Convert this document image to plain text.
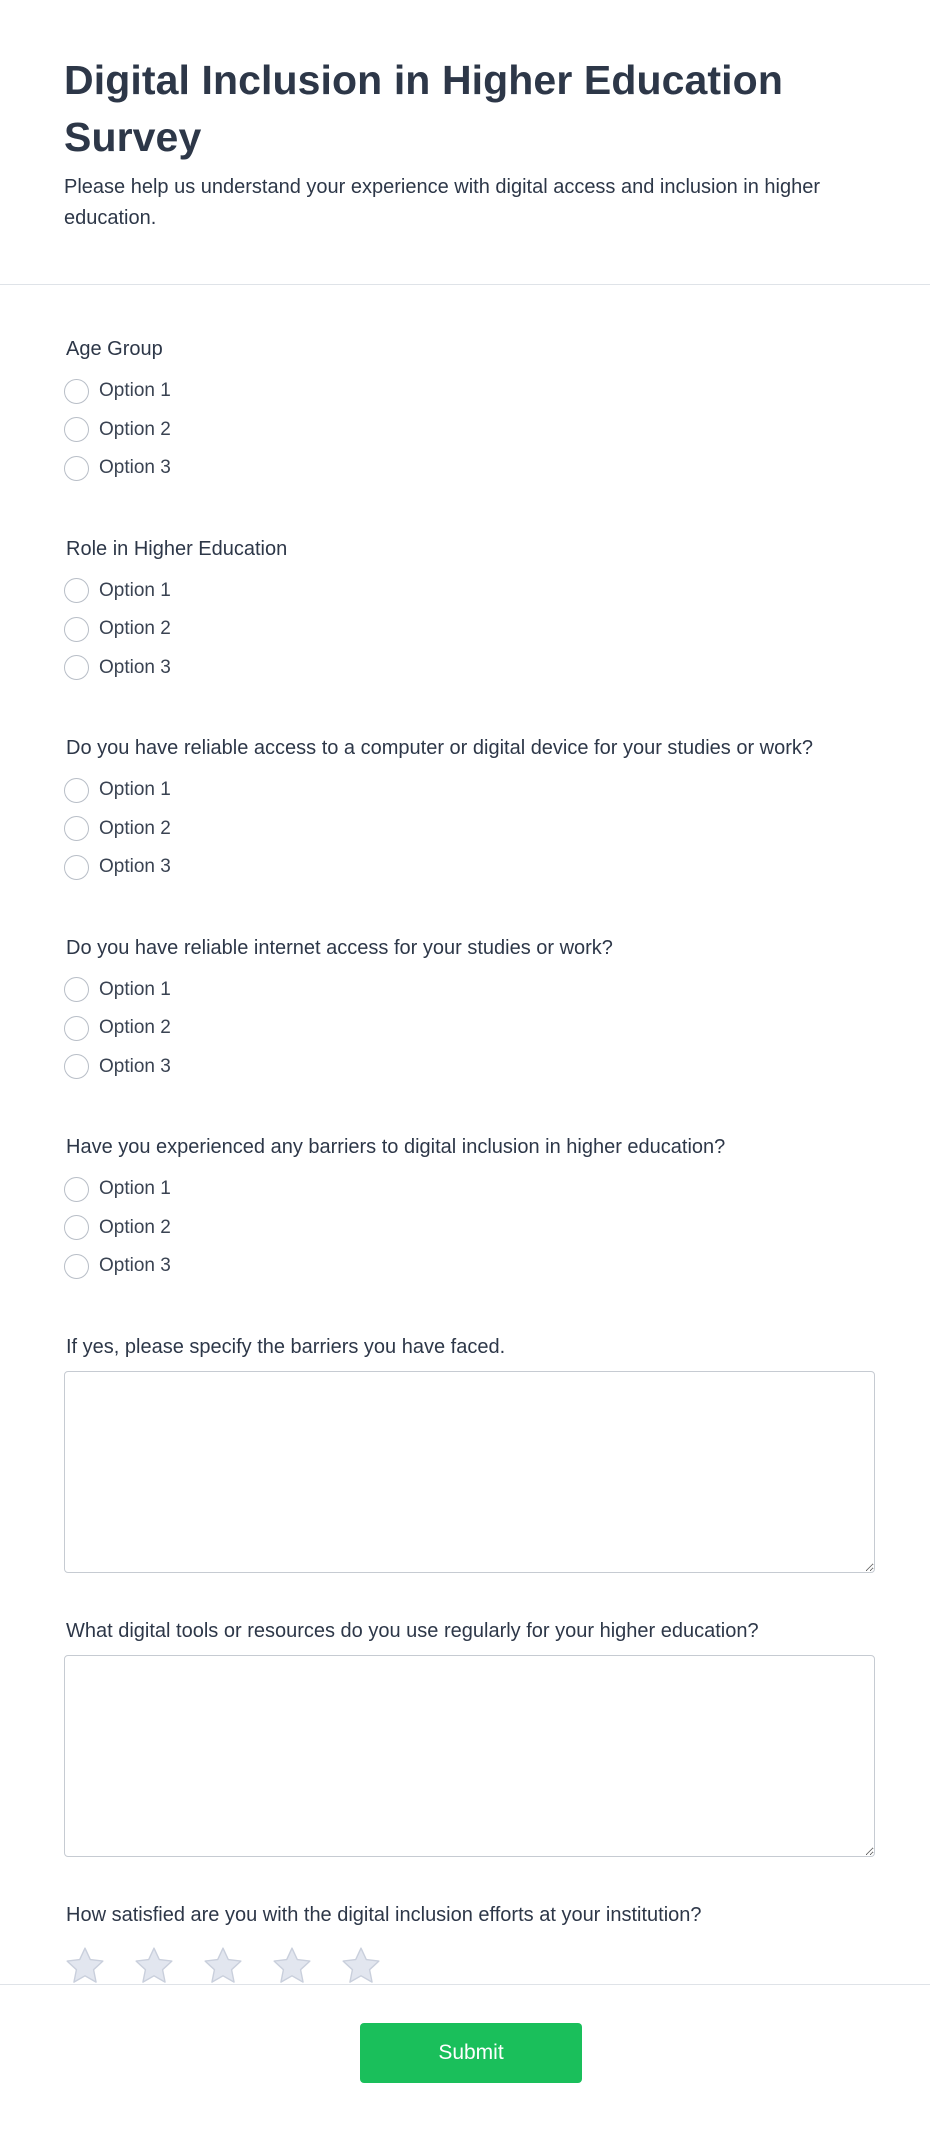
Digital Inclusion in Higher Education Survey

Please help us understand your experience with digital access and inclusion in higher education.

Age Group
Option 1
Option 2
Option 3
Role in Higher Education
Option 1
Option 2
Option 3
Do you have reliable access to a computer or digital device for your studies or work?
Option 1
Option 2
Option 3
Do you have reliable internet access for your studies or work?
Option 1
Option 2
Option 3
Have you experienced any barriers to digital inclusion in higher education?
Option 1
Option 2
Option 3
If yes, please specify the barriers you have faced.
What digital tools or resources do you use regularly for your higher education?
How satisfied are you with the digital inclusion efforts at your institution?
Submit
